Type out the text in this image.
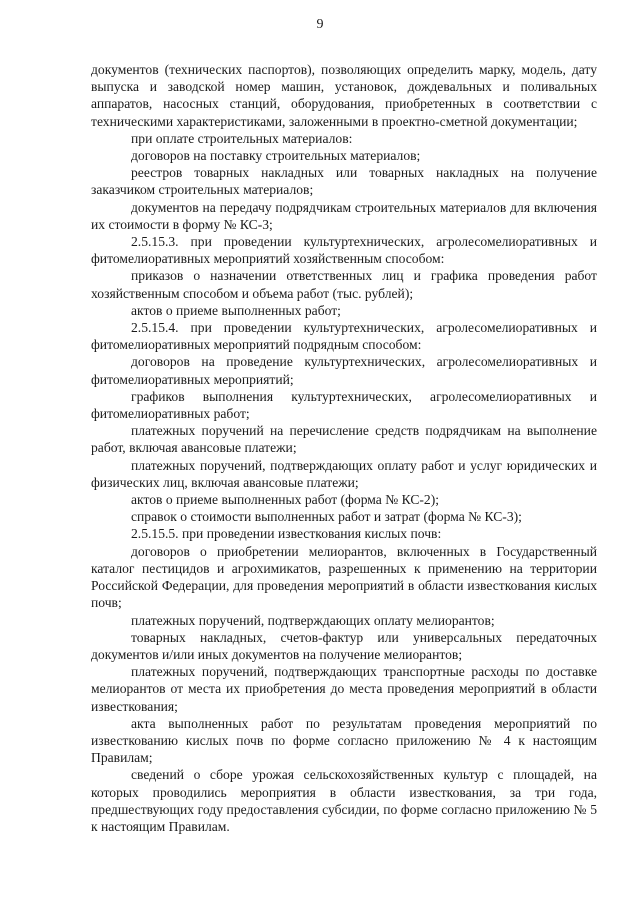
9

документов (технических паспортов), позволяющих определить марку, модель, дату выпуска и заводской номер машин, установок, дождевальных и поливальных аппаратов, насосных станций, оборудования, приобретенных в соответствии с техническими характеристиками, заложенными в проектно-сметной документации;

при оплате строительных материалов:

договоров на поставку строительных материалов;

реестров товарных накладных или товарных накладных на получение заказчиком строительных материалов;

документов на передачу подрядчикам строительных материалов для включения их стоимости в форму № КС-3;

2.5.15.3. при проведении культуртехнических, агролесомелиоративных и фитомелиоративных мероприятий хозяйственным способом:

приказов о назначении ответственных лиц и графика проведения работ хозяйственным способом и объема работ (тыс. рублей);

актов о приеме выполненных работ;

2.5.15.4. при проведении культуртехнических, агролесомелиоративных и фитомелиоративных мероприятий подрядным способом:

договоров на проведение культуртехнических, агролесомелиоративных и фитомелиоративных мероприятий;

графиков выполнения культуртехнических, агролесомелиоративных и фитомелиоративных работ;

платежных поручений на перечисление средств подрядчикам на выполнение работ, включая авансовые платежи;

платежных поручений, подтверждающих оплату работ и услуг юридических и физических лиц, включая авансовые платежи;

актов о приеме выполненных работ (форма № КС-2);

справок о стоимости выполненных работ и затрат (форма № КС-3);

2.5.15.5. при проведении известкования кислых почв:

договоров о приобретении мелиорантов, включенных в Государственный каталог пестицидов и агрохимикатов, разрешенных к применению на территории Российской Федерации, для проведения мероприятий в области известкования кислых почв;

платежных поручений, подтверждающих оплату мелиорантов;

товарных накладных, счетов-фактур или универсальных передаточных документов и/или иных документов на получение мелиорантов;

платежных поручений, подтверждающих транспортные расходы по доставке мелиорантов от места их приобретения до места проведения мероприятий в области известкования;

акта выполненных работ по результатам проведения мероприятий по известкованию кислых почв по форме согласно приложению № 4 к настоящим Правилам;

сведений о сборе урожая сельскохозяйственных культур с площадей, на которых проводились мероприятия в области известкования, за три года, предшествующих году предоставления субсидии, по форме согласно приложению № 5 к настоящим Правилам.
